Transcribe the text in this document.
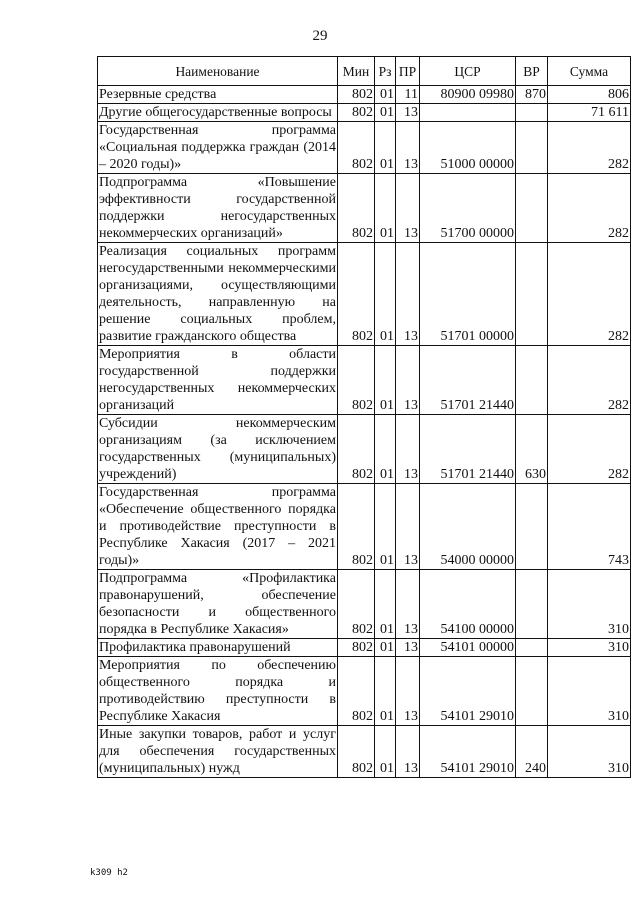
29
Наименование	Мин	Рз	ПР	ЦСР	ВР	Сумма
Резервные средства	802	01	11	80900 09980	870	806
Другие общегосударственные вопросы	802	01	13			71 611
Государственная программа «Социальная поддержка граждан (2014 – 2020 годы)»	802	01	13	51000 00000		282
Подпрограмма «Повышение эффективности государственной поддержки негосударственных некоммерческих организаций»	802	01	13	51700 00000		282
Реализация социальных программ негосударственными некоммерческими организациями, осуществляющими деятельность, направленную на решение социальных проблем, развитие гражданского общества	802	01	13	51701 00000		282
Мероприятия в области государственной поддержки негосударственных некоммерческих организаций	802	01	13	51701 21440		282
Субсидии некоммерческим организациям (за исключением государственных (муниципальных) учреждений)	802	01	13	51701 21440	630	282
Государственная программа «Обеспечение общественного порядка и противодействие преступности в Республике Хакасия (2017 – 2021 годы)»	802	01	13	54000 00000		743
Подпрограмма «Профилактика правонарушений, обеспечение безопасности и общественного порядка в Республике Хакасия»	802	01	13	54100 00000		310
Профилактика правонарушений	802	01	13	54101 00000		310
Мероприятия по обеспечению общественного порядка и противодействию преступности в Республике Хакасия	802	01	13	54101 29010		310
Иные закупки товаров, работ и услуг для обеспечения государственных (муниципальных) нужд	802	01	13	54101 29010	240	310
k309 h2
